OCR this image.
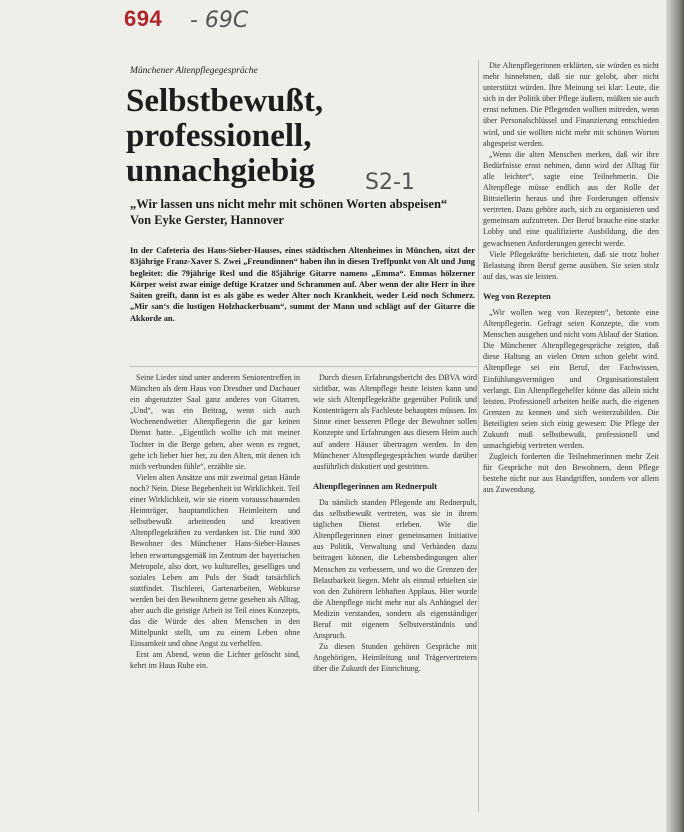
694 - 69C
Münchener Altenpflegegespräche
Selbstbewußt,
professionell,
unnachgiebig	S2-1
„Wir lassen uns nicht mehr mit schönen Worten abspeisen“
Von Eyke Gerster, Hannover
In der Cafeteria des Hans-Sieber-Hauses, eines städtischen Altenheimes in München, sitzt der 83jährige Franz-Xaver S. Zwei „Freundinnen“ haben ihn in diesen Treffpunkt von Alt und Jung begleitet: die 79jährige Resl und die 85jährige Gitarre namens „Emma“. Emmas hölzerner Körper weist zwar einige deftige Kratzer und Schrammen auf. Aber wenn der alte Herr in ihre Saiten greift, dann ist es als gäbe es weder Alter noch Krankheit, weder Leid noch Schmerz. „Mir san‘s die lustigen Holzhackerbuam“, summt der Mann und schlägt auf der Gitarre die Akkorde an.

Seine Lieder sind unter anderem Seniorentreffen in München als dem Haus von Dresdner und Dachauer ein abgenutzter Saal ganz anderes von Gitarren. „Und“, was ein Beitrag, wenn sich auch Wochenendwetter Altenpflegerin die gar keinen Dienst hatte. „Eigentlich wollte ich mit meiner Tochter in die Berge gehen, aber wenn es regnet, gehe ich lieber hier her, zu den Alten, mit denen ich mich verbunden fühle“, erzählte sie.

Vielen alten Ansätze uns mit zweimal getan Hände noch? Nein. Diese Begebenheit ist Wirklichkeit. Teil einer Wirklichkeit, wie sie einem vorausschauenden Heimträger, hauptamtlichen Heimleitern und selbstbewußt arbeitenden und kreativen Altenpflegekräften zu verdanken ist. Die rund 300 Bewohner des Münchener Hans-Sieber-Hauses leben erwartungsgemäß im Zentrum der bayerischen Metropole, also dort, wo kulturelles, geselliges und soziales Leben am Puls der Stadt tatsächlich stattfindet. Tischlerei, Gartenarbeiten, Webkurse werden bei den Bewohnern gerne gesehen als Alltag, aber auch die geistige Arbeit ist Teil eines Konzepts, das die Würde des alten Menschen in den Mittelpunkt stellt, um zu einem Leben ohne Einsamkeit und ohne Angst zu verhelfen.

Erst am Abend, wenn die Lichter gelöscht sind, kehrt im Haus Ruhe ein.

Durch diesen Erfahrungsbericht des DBVA wird sichtbar, was Altenpflege heute leisten kann und wie sich Altenpflegekräfte gegenüber Politik und Kostenträgern als Fachleute behaupten müssen. Im Sinne einer besseren Pflege der Bewohner sollen Konzepte und Erfahrungen aus diesem Heim auch auf andere Häuser übertragen werden. In den Münchener Altenpflegegesprächen wurde darüber ausführlich diskutiert und gestritten.

Altenpflegerinnen am Rednerpult

Da nämlich standen Pflegende am Rednerpult, das selbstbewußt vertreten, was sie in ihrem täglichen Dienst erleben. Wie die Altenpflegerinnen einer gemeinsamen Initiative aus Politik, Verwaltung und Verbänden dazu beitragen können, die Lebensbedingungen alter Menschen zu verbessern, und wo die Grenzen der Belastbarkeit liegen. Mehr als einmal erhielten sie von den Zuhörern lebhaften Applaus. Hier wurde die Altenpflege nicht mehr nur als Anhängsel der Medizin verstanden, sondern als eigenständiger Beruf mit eigenem Selbstverständnis und Anspruch.

Zu diesen Stunden gehören Gespräche mit Angehörigen, Heimleitung und Trägervertretern über die Zukunft der Einrichtung.

Die Altenpflegerinnen erklärten, sie würden es nicht mehr hinnehmen, daß sie nur gelobt, aber nicht unterstützt würden. Ihre Meinung sei klar: Leute, die sich in der Politik über Pflege äußern, müßten sie auch ernst nehmen. Die Pflegenden wollten mitreden, wenn über Personalschlüssel und Finanzierung entschieden wird, und sie wollten nicht mehr mit schönen Worten abgespeist werden.

„Wenn die alten Menschen merken, daß wir ihre Bedürfnisse ernst nehmen, dann wird der Alltag für alle leichter“, sagte eine Teilnehmerin. Die Altenpflege müsse endlich aus der Rolle der Bittstellerin heraus und ihre Forderungen offensiv vertreten. Dazu gehöre auch, sich zu organisieren und gemeinsam aufzutreten. Der Beruf brauche eine starke Lobby und eine qualifizierte Ausbildung, die den gewachsenen Anforderungen gerecht werde.

Viele Pflegekräfte berichteten, daß sie trotz hoher Belastung ihren Beruf gerne ausüben. Sie seien stolz auf das, was sie leisten.

Weg von Rezepten

„Wir wollen weg von Rezepten“, betonte eine Altenpflegerin. Gefragt seien Konzepte, die vom Menschen ausgehen und nicht vom Ablauf der Station. Die Münchener Altenpflegegespräche zeigten, daß diese Haltung an vielen Orten schon gelebt wird. Altenpflege sei ein Beruf, der Fachwissen, Einfühlungsvermögen und Organisationstalent verlangt. Ein Altenpflegehelfer könne das allein nicht leisten. Professionell arbeiten heiße auch, die eigenen Grenzen zu kennen und sich weiterzubilden. Die Beteiligten seien sich einig gewesen: Die Pflege der Zukunft muß selbstbewußt, professionell und unnachgiebig vertreten werden.

Zugleich forderten die Teilnehmerinnen mehr Zeit für Gespräche mit den Bewohnern, denn Pflege bestehe nicht nur aus Handgriffen, sondern vor allem aus Zuwendung.
